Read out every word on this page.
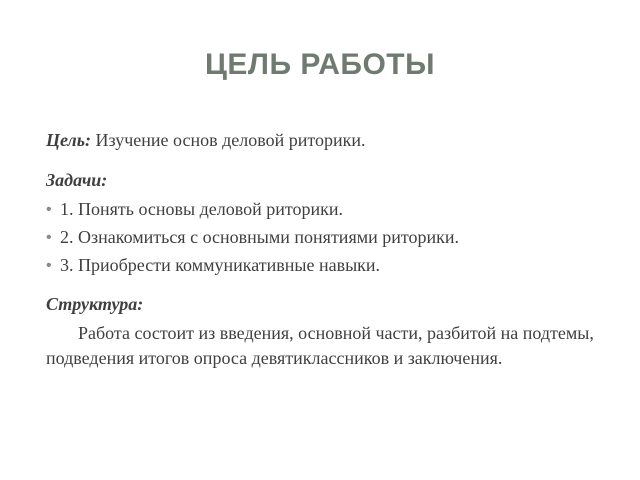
ЦЕЛЬ РАБОТЫ

Цель: Изучение основ деловой риторики.

Задачи:

• 1. Понять основы деловой риторики.
• 2. Ознакомиться с основными понятиями риторики.
• 3. Приобрести коммуникативные навыки.

Структура:

Работа состоит из введения, основной части, разбитой на подтемы, подведения итогов опроса девятиклассников и заключения.
